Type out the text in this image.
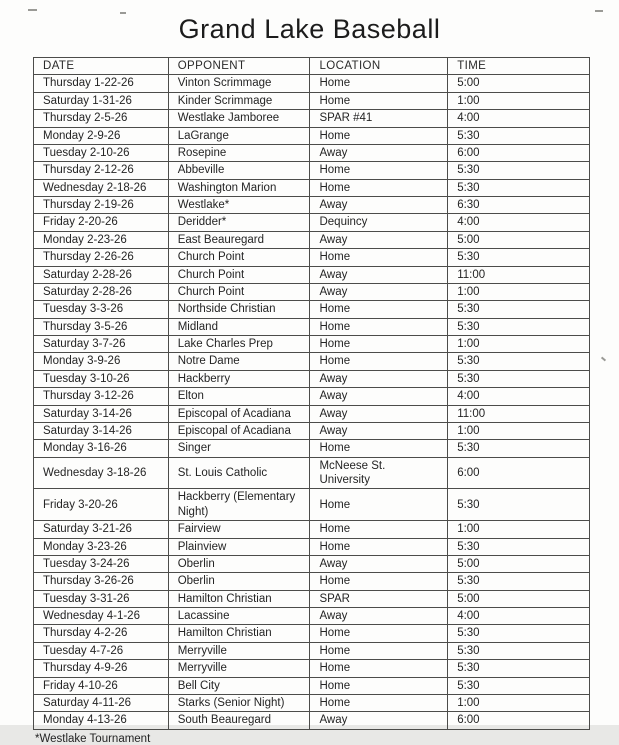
Grand Lake Baseball
DATE	OPPONENT	LOCATION	TIME
Thursday 1-22-26	Vinton Scrimmage	Home	5:00
Saturday 1-31-26	Kinder Scrimmage	Home	1:00
Thursday 2-5-26	Westlake Jamboree	SPAR #41	4:00
Monday 2-9-26	LaGrange	Home	5:30
Tuesday 2-10-26	Rosepine	Away	6:00
Thursday 2-12-26	Abbeville	Home	5:30
Wednesday 2-18-26	Washington Marion	Home	5:30
Thursday 2-19-26	Westlake*	Away	6:30
Friday 2-20-26	Deridder*	Dequincy	4:00
Monday 2-23-26	East Beauregard	Away	5:00
Thursday 2-26-26	Church Point	Home	5:30
Saturday 2-28-26	Church Point	Away	11:00
Saturday 2-28-26	Church Point	Away	1:00
Tuesday 3-3-26	Northside Christian	Home	5:30
Thursday 3-5-26	Midland	Home	5:30
Saturday 3-7-26	Lake Charles Prep	Home	1:00
Monday 3-9-26	Notre Dame	Home	5:30
Tuesday 3-10-26	Hackberry	Away	5:30
Thursday 3-12-26	Elton	Away	4:00
Saturday 3-14-26	Episcopal of Acadiana	Away	11:00
Saturday 3-14-26	Episcopal of Acadiana	Away	1:00
Monday 3-16-26	Singer	Home	5:30
Wednesday 3-18-26	St. Louis Catholic	McNeese St. University	6:00
Friday 3-20-26	Hackberry (Elementary Night)	Home	5:30
Saturday 3-21-26	Fairview	Home	1:00
Monday 3-23-26	Plainview	Home	5:30
Tuesday 3-24-26	Oberlin	Away	5:00
Thursday 3-26-26	Oberlin	Home	5:30
Tuesday 3-31-26	Hamilton Christian	SPAR	5:00
Wednesday 4-1-26	Lacassine	Away	4:00
Thursday 4-2-26	Hamilton Christian	Home	5:30
Tuesday 4-7-26	Merryville	Home	5:30
Thursday 4-9-26	Merryville	Home	5:30
Friday 4-10-26	Bell City	Home	5:30
Saturday 4-11-26	Starks (Senior Night)	Home	1:00
Monday 4-13-26	South Beauregard	Away	6:00
*Westlake Tournament
